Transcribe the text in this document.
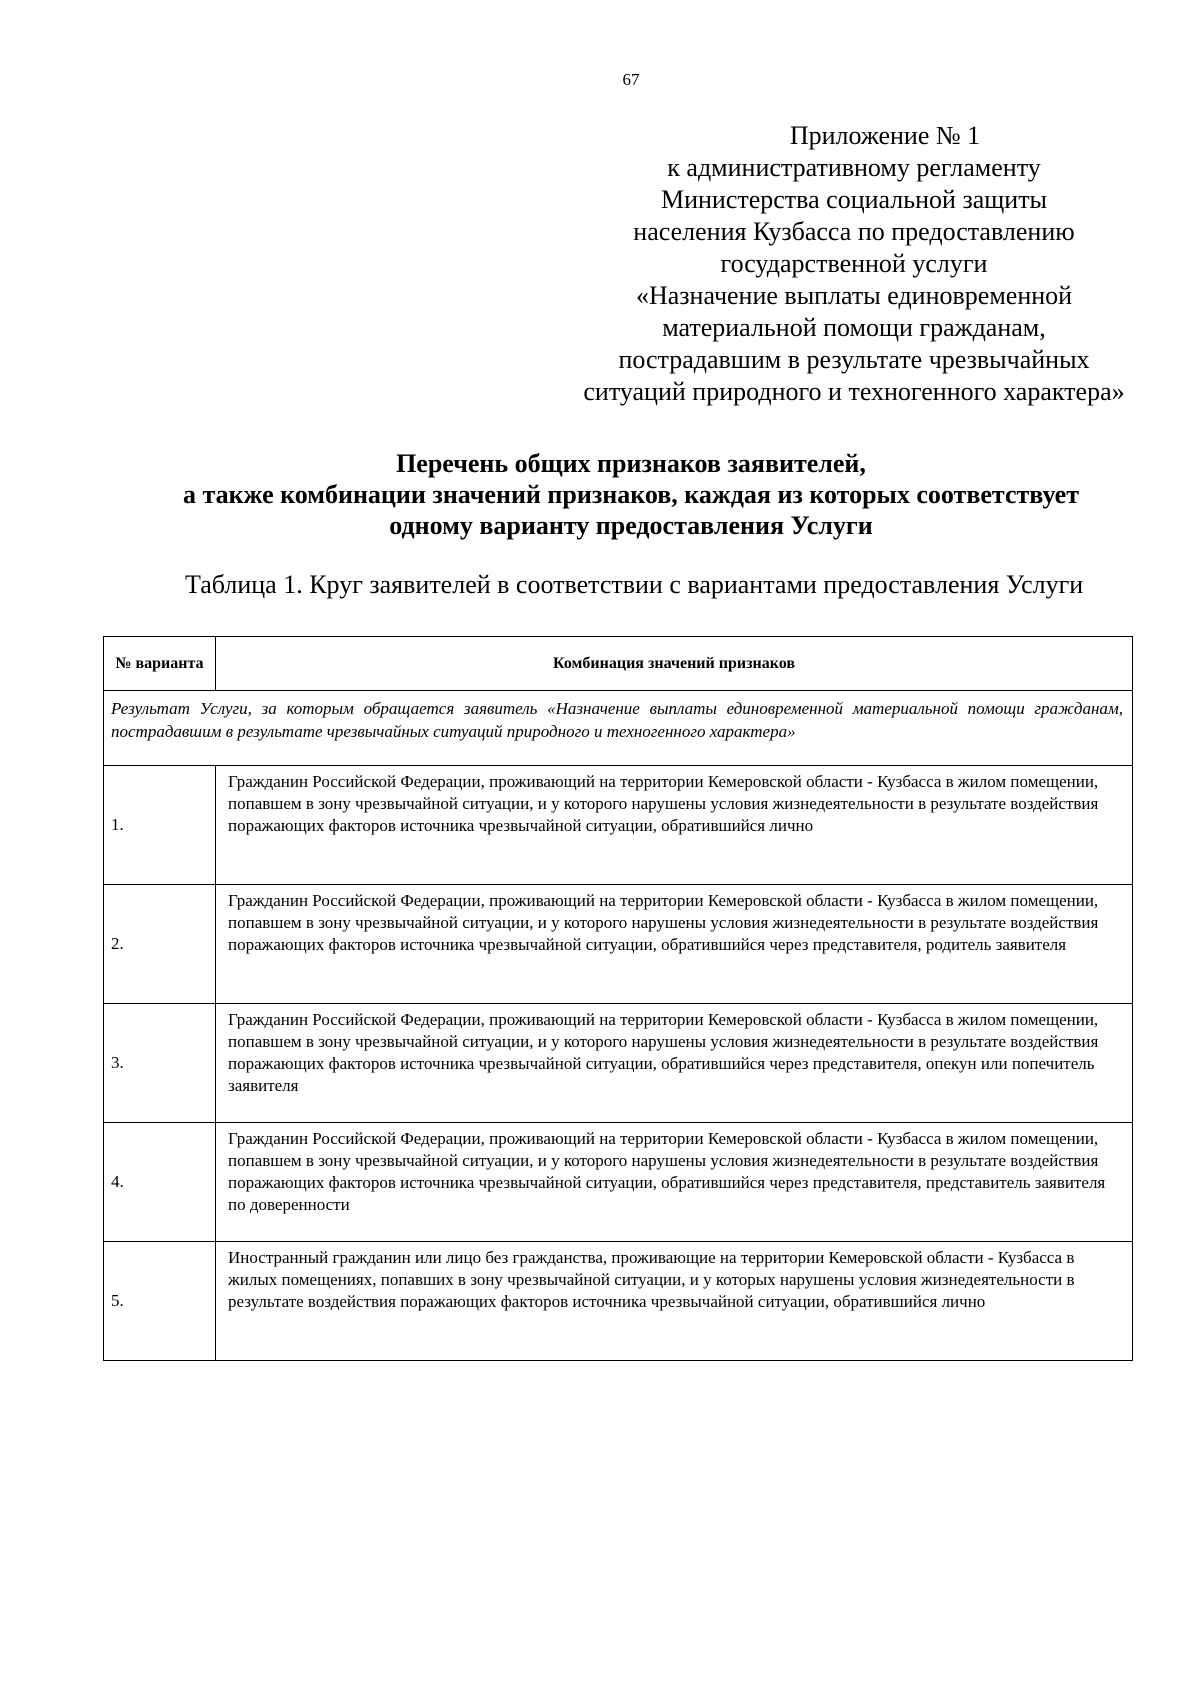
67
Приложение № 1
к административному регламенту
Министерства социальной защиты
населения Кузбасса по предоставлению
государственной услуги
«Назначение выплаты единовременной
материальной помощи гражданам,
пострадавшим в результате чрезвычайных
ситуаций природного и техногенного характера»
Перечень общих признаков заявителей,
а также комбинации значений признаков, каждая из которых соответствует
одному варианту предоставления Услуги
Таблица 1. Круг заявителей в соответствии с вариантами предоставления Услуги
№ варианта	Комбинация значений признаков
Результат Услуги, за которым обращается заявитель «Назначение выплаты единовременной материальной помощи гражданам, пострадавшим в результате чрезвычайных ситуаций природного и техногенного характера»	
1.	Гражданин Российской Федерации, проживающий на территории Кемеровской области - Кузбасса в жилом помещении, попавшем в зону чрезвычайной ситуации, и у которого нарушены условия жизнедеятельности в результате воздействия поражающих факторов источника чрезвычайной ситуации, обратившийся лично
2.	Гражданин Российской Федерации, проживающий на территории Кемеровской области - Кузбасса в жилом помещении, попавшем в зону чрезвычайной ситуации, и у которого нарушены условия жизнедеятельности в результате воздействия поражающих факторов источника чрезвычайной ситуации, обратившийся через представителя, родитель заявителя
3.	Гражданин Российской Федерации, проживающий на территории Кемеровской области - Кузбасса в жилом помещении, попавшем в зону чрезвычайной ситуации, и у которого нарушены условия жизнедеятельности в результате воздействия поражающих факторов источника чрезвычайной ситуации, обратившийся через представителя, опекун или попечитель заявителя
4.	Гражданин Российской Федерации, проживающий на территории Кемеровской области - Кузбасса в жилом помещении, попавшем в зону чрезвычайной ситуации, и у которого нарушены условия жизнедеятельности в результате воздействия поражающих факторов источника чрезвычайной ситуации, обратившийся через представителя, представитель заявителя по доверенности
5.	Иностранный гражданин или лицо без гражданства, проживающие на территории Кемеровской области - Кузбасса в жилых помещениях, попавших в зону чрезвычайной ситуации, и у которых нарушены условия жизнедеятельности в результате воздействия поражающих факторов источника чрезвычайной ситуации, обратившийся лично
